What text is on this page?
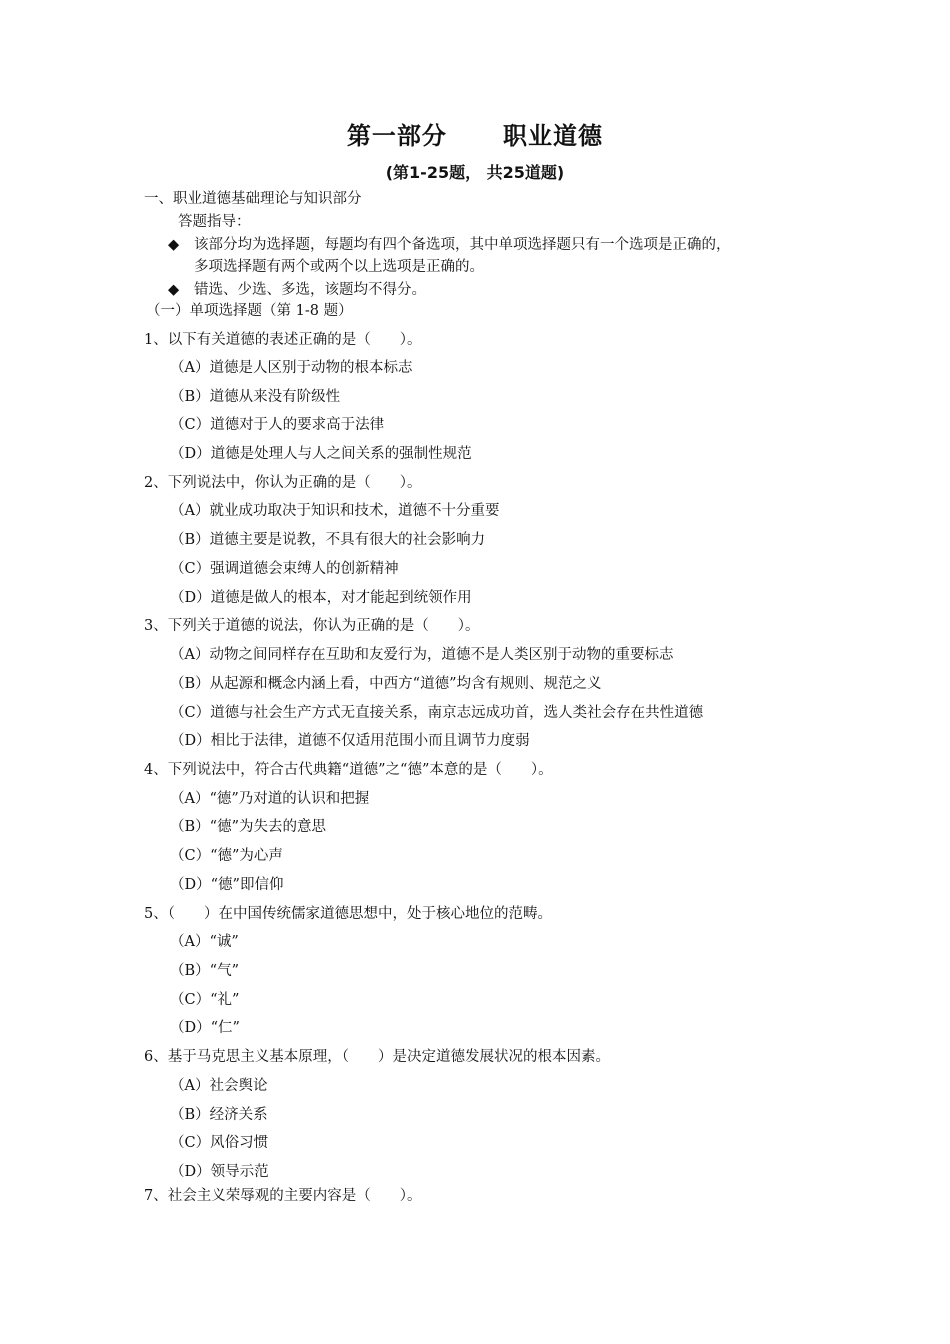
第一部分      职业道德
(第1-25题， 共25道题)
一、职业道德基础理论与知识部分
答题指导：
◆ 该部分均为选择题，每题均有四个备选项，其中单项选择题只有一个选项是正确的，
多项选择题有两个或两个以上选项是正确的。
◆ 错选、少选、多选，该题均不得分。
（一）单项选择题（第 1-8 题）
1、以下有关道德的表述正确的是（　　）。
（A）道德是人区别于动物的根本标志
（B）道德从来没有阶级性
（C）道德对于人的要求高于法律
（D）道德是处理人与人之间关系的强制性规范
2、下列说法中，你认为正确的是（　　）。
（A）就业成功取决于知识和技术，道德不十分重要
（B）道德主要是说教，不具有很大的社会影响力
（C）强调道德会束缚人的创新精神
（D）道德是做人的根本，对才能起到统领作用
3、下列关于道德的说法，你认为正确的是（　　）。
（A）动物之间同样存在互助和友爱行为，道德不是人类区别于动物的重要标志
（B）从起源和概念内涵上看，中西方“道德”均含有规则、规范之义
（C）道德与社会生产方式无直接关系，南京志远成功首，选人类社会存在共性道德
（D）相比于法律，道德不仅适用范围小而且调节力度弱
4、下列说法中，符合古代典籍“道德”之“德”本意的是（　　）。
（A）“德”乃对道的认识和把握
（B）“德”为失去的意思
（C）“德”为心声
（D）“德”即信仰
5、（　　）在中国传统儒家道德思想中，处于核心地位的范畴。
（A）“诚”
（B）“气”
（C）“礼”
（D）“仁”
6、基于马克思主义基本原理，（　　）是决定道德发展状况的根本因素。
（A）社会舆论
（B）经济关系
（C）风俗习惯
（D）领导示范
7、社会主义荣辱观的主要内容是（　　）。
